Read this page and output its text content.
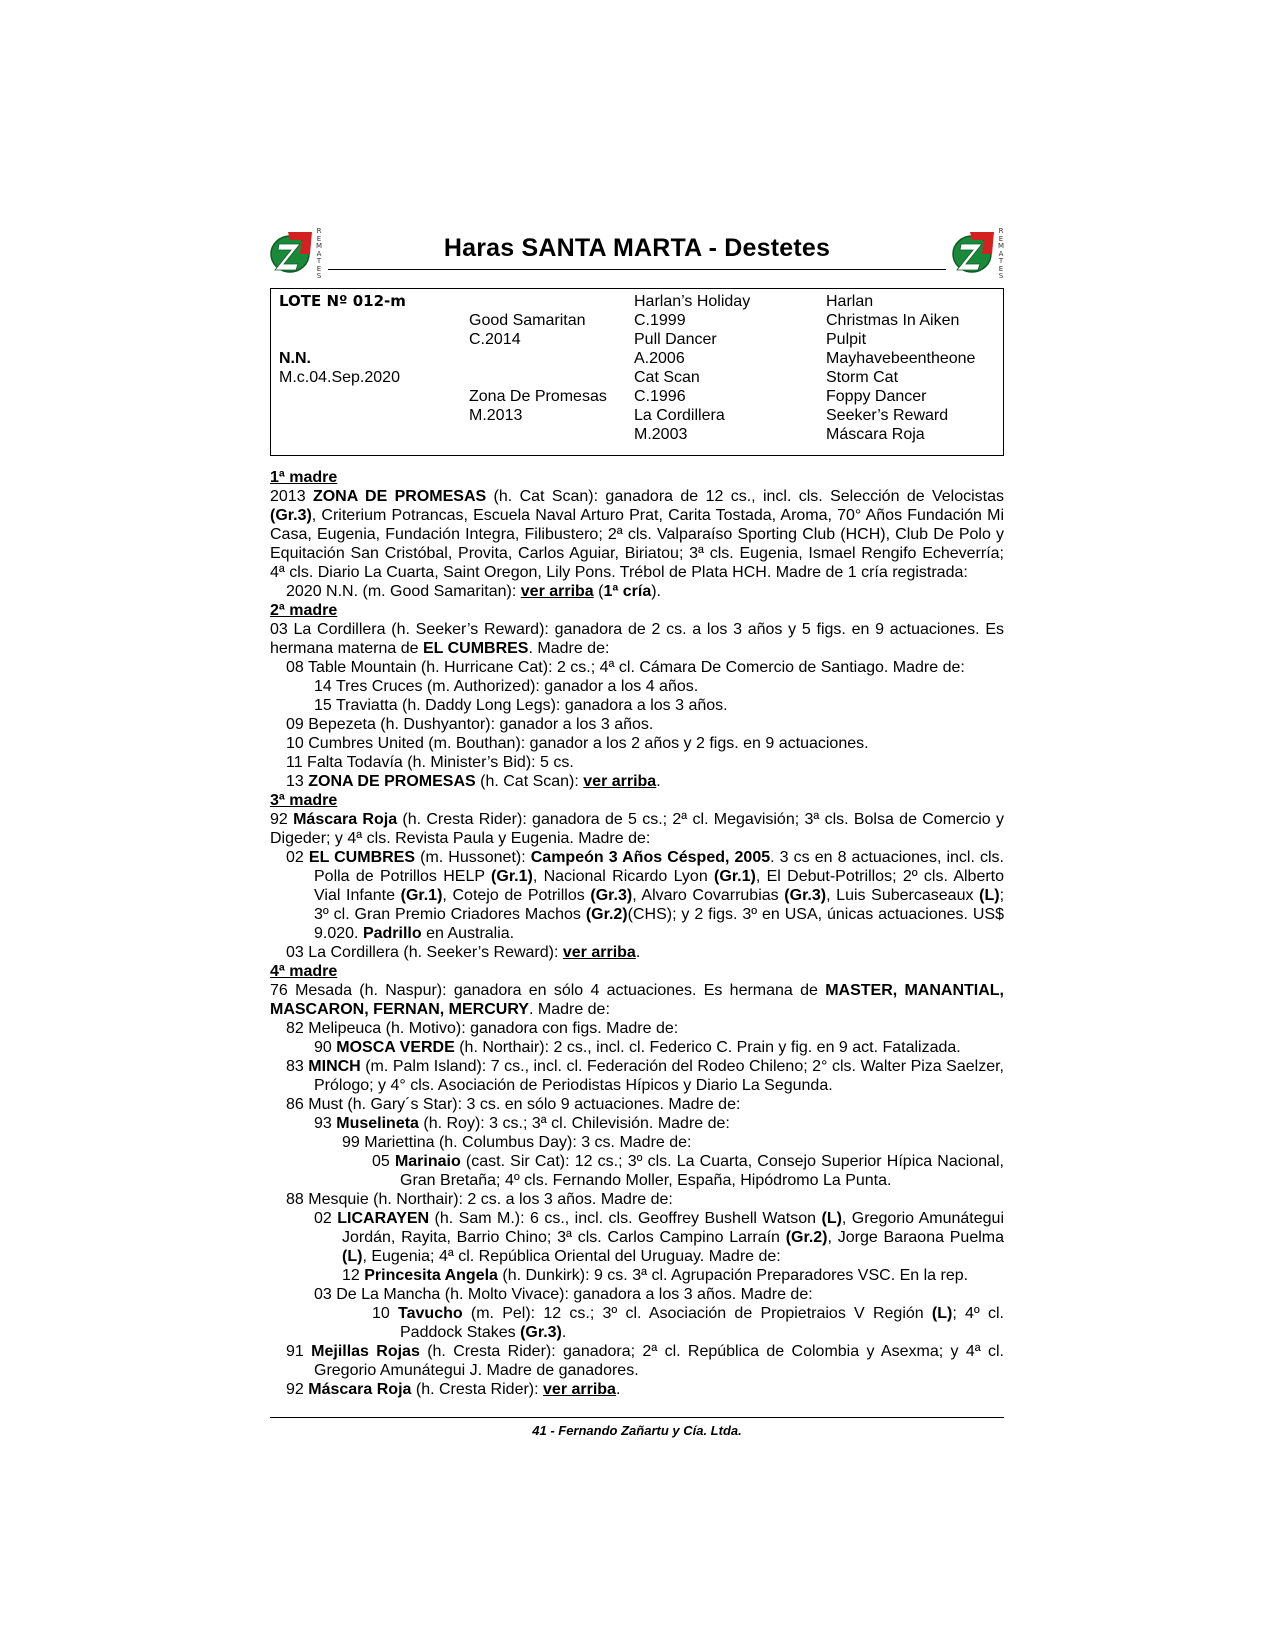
R
E
M
A
T
E
S
Haras SANTA MARTA - Destetes
R
E
M
A
T
E
S
LOTE Nº 012-m
N.N.
M.c.04.Sep.2020
Good Samaritan
C.2014
Zona De Promesas
M.2013
Harlan’s Holiday
C.1999
Pull Dancer
A.2006
Cat Scan
C.1996
La Cordillera
M.2003
Harlan
Christmas In Aiken
Pulpit
Mayhavebeentheone
Storm Cat
Foppy Dancer
Seeker’s Reward
Máscara Roja

1ª madre

2013 ZONA DE PROMESAS (h. Cat Scan): ganadora de 12 cs., incl. cls. Selección de Velocistas (Gr.3), Criterium Potrancas, Escuela Naval Arturo Prat, Carita Tostada, Aroma, 70° Años Fundación Mi Casa, Eugenia, Fundación Integra, Filibustero; 2ª cls. Valparaíso Sporting Club (HCH), Club De Polo y Equitación San Cristóbal, Provita, Carlos Aguiar, Biriatou; 3ª cls. Eugenia, Ismael Rengifo Echeverría; 4ª cls. Diario La Cuarta, Saint Oregon, Lily Pons. Trébol de Plata HCH. Madre de 1 cría registrada:

2020 N.N. (m. Good Samaritan): ver arriba (1ª cría).

2ª madre

03 La Cordillera (h. Seeker’s Reward): ganadora de 2 cs. a los 3 años y 5 figs. en 9 actuaciones. Es hermana materna de EL CUMBRES. Madre de:

08 Table Mountain (h. Hurricane Cat): 2 cs.; 4ª cl. Cámara De Comercio de Santiago. Madre de:

14 Tres Cruces (m. Authorized): ganador a los 4 años.

15 Traviatta (h. Daddy Long Legs): ganadora a los 3 años.

09 Bepezeta (h. Dushyantor): ganador a los 3 años.

10 Cumbres United (m. Bouthan): ganador a los 2 años y 2 figs. en 9 actuaciones.

11 Falta Todavía (h. Minister’s Bid): 5 cs.

13 ZONA DE PROMESAS (h. Cat Scan): ver arriba.

3ª madre

92 Máscara Roja (h. Cresta Rider): ganadora de 5 cs.; 2ª cl. Megavisión; 3ª cls. Bolsa de Comercio y Digeder; y 4ª cls. Revista Paula y Eugenia. Madre de:

02 EL CUMBRES (m. Hussonet): Campeón 3 Años Césped, 2005. 3 cs en 8 actuaciones, incl. cls. Polla de Potrillos HELP (Gr.1), Nacional Ricardo Lyon (Gr.1), El Debut-Potrillos; 2º cls. Alberto Vial Infante (Gr.1), Cotejo de Potrillos (Gr.3), Alvaro Covarrubias (Gr.3), Luis Subercaseaux (L); 3º cl. Gran Premio Criadores Machos (Gr.2)(CHS); y 2 figs. 3º en USA, únicas actuaciones. US$ 9.020. Padrillo en Australia.

03 La Cordillera (h. Seeker’s Reward): ver arriba.

4ª madre

76 Mesada (h. Naspur): ganadora en sólo 4 actuaciones. Es hermana de MASTER, MANANTIAL, MASCARON, FERNAN, MERCURY. Madre de:

82 Melipeuca (h. Motivo): ganadora con figs. Madre de:

90 MOSCA VERDE (h. Northair): 2 cs., incl. cl. Federico C. Prain y fig. en 9 act. Fatalizada.

83 MINCH (m. Palm Island): 7 cs., incl. cl. Federación del Rodeo Chileno; 2° cls. Walter Piza Saelzer, Prólogo; y 4° cls. Asociación de Periodistas Hípicos y Diario La Segunda.

86 Must (h. Gary´s Star): 3 cs. en sólo 9 actuaciones. Madre de:

93 Muselineta (h. Roy): 3 cs.; 3ª cl. Chilevisión. Madre de:

99 Mariettina (h. Columbus Day): 3 cs. Madre de:

05 Marinaio (cast. Sir Cat): 12 cs.; 3º cls. La Cuarta, Consejo Superior Hípica Nacional, Gran Bretaña; 4º cls. Fernando Moller, España, Hipódromo La Punta.

88 Mesquie (h. Northair): 2 cs. a los 3 años. Madre de:

02 LICARAYEN (h. Sam M.): 6 cs., incl. cls. Geoffrey Bushell Watson (L), Gregorio Amunátegui Jordán, Rayita, Barrio Chino; 3ª cls. Carlos Campino Larraín (Gr.2), Jorge Baraona Puelma (L), Eugenia; 4ª cl. República Oriental del Uruguay. Madre de:

12 Princesita Angela (h. Dunkirk): 9 cs. 3ª cl. Agrupación Preparadores VSC. En la rep.

03 De La Mancha (h. Molto Vivace): ganadora a los 3 años. Madre de:

10 Tavucho (m. Pel): 12 cs.; 3º cl. Asociación de Propietraios V Región (L); 4º cl. Paddock Stakes (Gr.3).

91 Mejillas Rojas (h. Cresta Rider): ganadora; 2ª cl. República de Colombia y Asexma; y 4ª cl. Gregorio Amunátegui J. Madre de ganadores.

92 Máscara Roja (h. Cresta Rider): ver arriba.

41 - Fernando Zañartu y Cía. Ltda.
